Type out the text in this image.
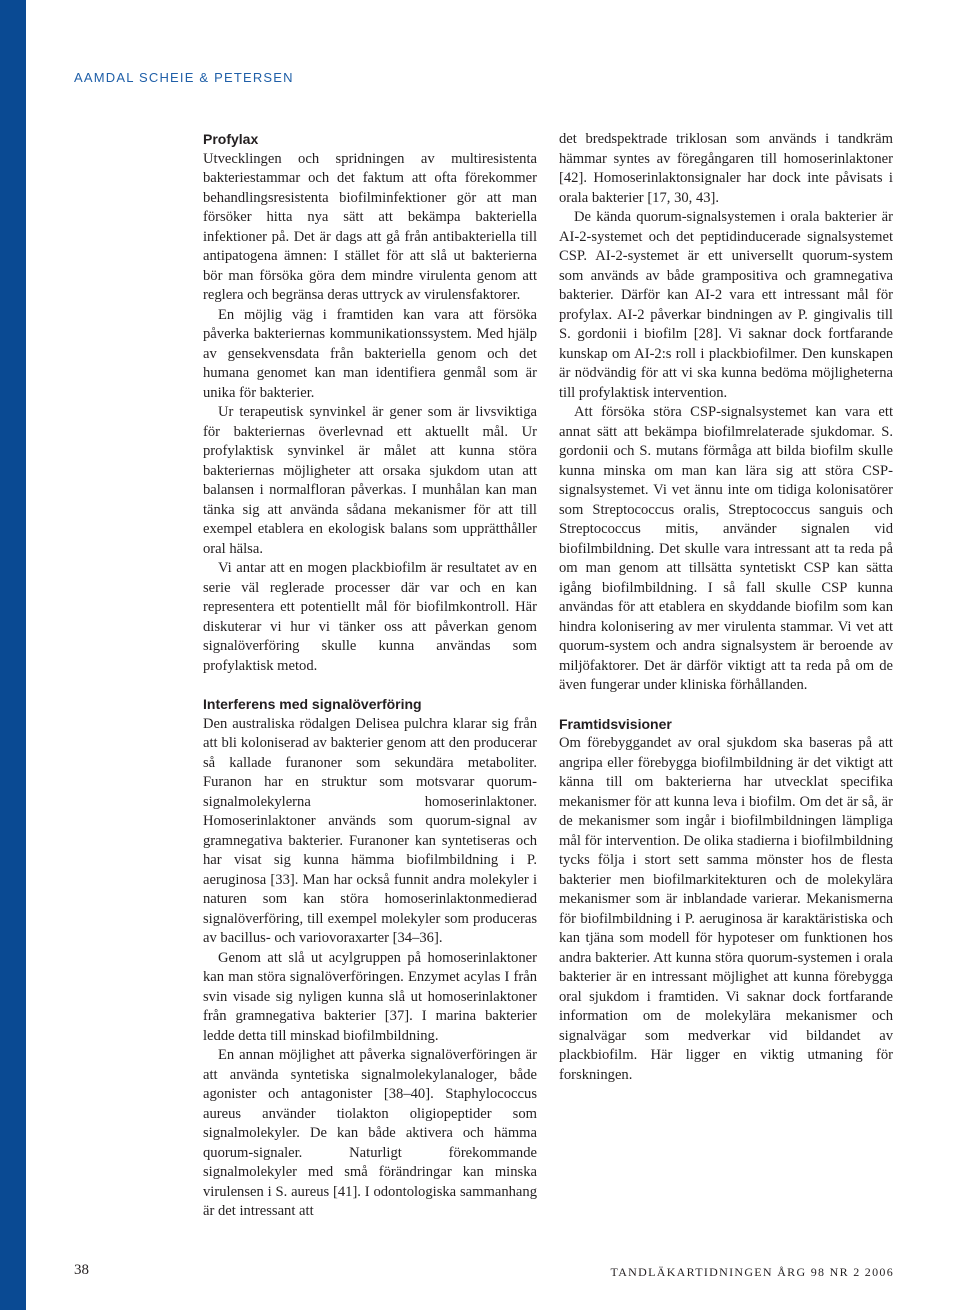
AAMDAL SCHEIE & PETERSEN
Profylax

Utvecklingen och spridningen av multiresistenta bakteriestammar och det faktum att ofta förekommer behandlingsresistenta biofilminfektioner gör att man försöker hitta nya sätt att bekämpa bakteriella infektioner på. Det är dags att gå från antibakteriella till antipatogena ämnen: I stället för att slå ut bakterierna bör man försöka göra dem mindre virulenta genom att reglera och begränsa deras uttryck av virulensfaktorer.

En möjlig väg i framtiden kan vara att försöka påverka bakteriernas kommunikationssystem. Med hjälp av gensekvensdata från bakteriella genom och det humana genomet kan man identifiera genmål som är unika för bakterier.

Ur terapeutisk synvinkel är gener som är livsviktiga för bakteriernas överlevnad ett aktuellt mål. Ur profylaktisk synvinkel är målet att kunna störa bakteriernas möjligheter att orsaka sjukdom utan att balansen i normalfloran påverkas. I munhålan kan man tänka sig att använda sådana mekanismer för att till exempel etablera en ekologisk balans som upprätthåller oral hälsa.

Vi antar att en mogen plackbiofilm är resultatet av en serie väl reglerade processer där var och en kan representera ett potentiellt mål för biofilmkontroll. Här diskuterar vi hur vi tänker oss att påverkan genom signalöverföring skulle kunna användas som profylaktisk metod.

Interferens med signalöverföring

Den australiska rödalgen Delisea pulchra klarar sig från att bli koloniserad av bakterier genom att den producerar så kallade furanoner som sekundära metaboliter. Furanon har en struktur som motsvarar quorum-signalmolekylerna homoserinlaktoner. Homoserinlaktoner används som quorum-signal av gramnegativa bakterier. Furanoner kan syntetiseras och har visat sig kunna hämma biofilmbildning i P. aeruginosa [33]. Man har också funnit andra molekyler i naturen som kan störa homoserinlaktonmedierad signalöverföring, till exempel molekyler som produceras av bacillus- och variovoraxarter [34–36].

Genom att slå ut acylgruppen på homoserinlaktoner kan man störa signalöverföringen. Enzymet acylas I från svin visade sig nyligen kunna slå ut homoserinlaktoner från gramnegativa bakterier [37]. I marina bakterier ledde detta till minskad biofilmbildning.

En annan möjlighet att påverka signalöverföringen är att använda syntetiska signalmolekylanaloger, både agonister och antagonister [38–40]. Staphylococcus aureus använder tiolakton oligiopeptider som signalmolekyler. De kan både aktivera och hämma quorum-signaler. Naturligt förekommande signalmolekyler med små förändringar kan minska virulensen i S. aureus [41]. I odontologiska sammanhang är det intressant att

det bredspektrade triklosan som används i tandkräm hämmar syntes av föregångaren till homoserinlaktoner [42]. Homoserinlaktonsignaler har dock inte påvisats i orala bakterier [17, 30, 43].

De kända quorum-signalsystemen i orala bakterier är AI-2-systemet och det peptidinducerade signalsystemet CSP. AI-2-systemet är ett universellt quorum-system som används av både grampositiva och gramnegativa bakterier. Därför kan AI-2 vara ett intressant mål för profylax. AI-2 påverkar bindningen av P. gingivalis till S. gordonii i biofilm [28]. Vi saknar dock fortfarande kunskap om AI-2:s roll i plackbiofilmer. Den kunskapen är nödvändig för att vi ska kunna bedöma möjligheterna till profylaktisk intervention.

Att försöka störa CSP-signalsystemet kan vara ett annat sätt att bekämpa biofilmrelaterade sjukdomar. S. gordonii och S. mutans förmåga att bilda biofilm skulle kunna minska om man kan lära sig att störa CSP-signalsystemet. Vi vet ännu inte om tidiga kolonisatörer som Streptococcus oralis, Streptococcus sanguis och Streptococcus mitis, använder signalen vid biofilmbildning. Det skulle vara intressant att ta reda på om man genom att tillsätta syntetiskt CSP kan sätta igång biofilmbildning. I så fall skulle CSP kunna användas för att etablera en skyddande biofilm som kan hindra kolonisering av mer virulenta stammar. Vi vet att quorum-system och andra signalsystem är beroende av miljöfaktorer. Det är därför viktigt att ta reda på om de även fungerar under kliniska förhållanden.

Framtidsvisioner

Om förebyggandet av oral sjukdom ska baseras på att angripa eller förebygga biofilmbildning är det viktigt att känna till om bakterierna har utvecklat specifika mekanismer för att kunna leva i biofilm. Om det är så, är de mekanismer som ingår i biofilmbildningen lämpliga mål för intervention. De olika stadierna i biofilmbildning tycks följa i stort sett samma mönster hos de flesta bakterier men biofilmarkitekturen och de molekylära mekanismer som är inblandade varierar. Mekanismerna för biofilmbildning i P. aeruginosa är karaktäristiska och kan tjäna som modell för hypoteser om funktionen hos andra bakterier. Att kunna störa quorum-systemen i orala bakterier är en intressant möjlighet att kunna förebygga oral sjukdom i framtiden. Vi saknar dock fortfarande information om de molekylära mekanismer och signalvägar som medverkar vid bildandet av plackbiofilm. Här ligger en viktig utmaning för forskningen.

38	TANDLÄKARTIDNINGEN ÅRG 98 NR 2 2006
